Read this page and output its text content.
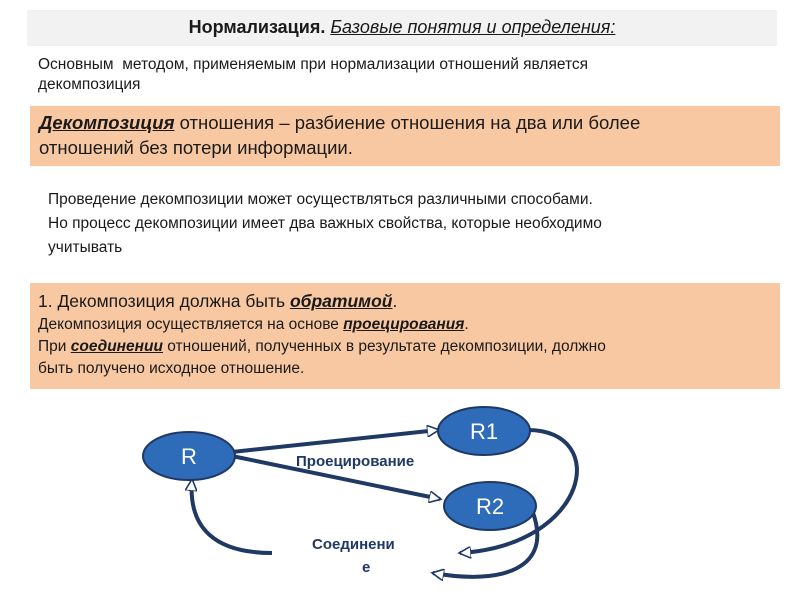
Нормализация. Базовые понятия и определения:
Основным  методом, применяемым при нормализации отношений является
декомпозиция
Декомпозиция отношения – разбиение отношения на два или более
отношений без потери информации.
Проведение декомпозиции может осуществляться различными способами.
Но процесс декомпозиции имеет два важных свойства, которые необходимо
учитывать
1. Декомпозиция должна быть обратимой.
Декомпозиция осуществляется на основе проецирования.
При соединении отношений, полученных в результате декомпозиции, должно
быть получено исходное отношение.
R
R1
R2
Проецирование
Соединени
е
